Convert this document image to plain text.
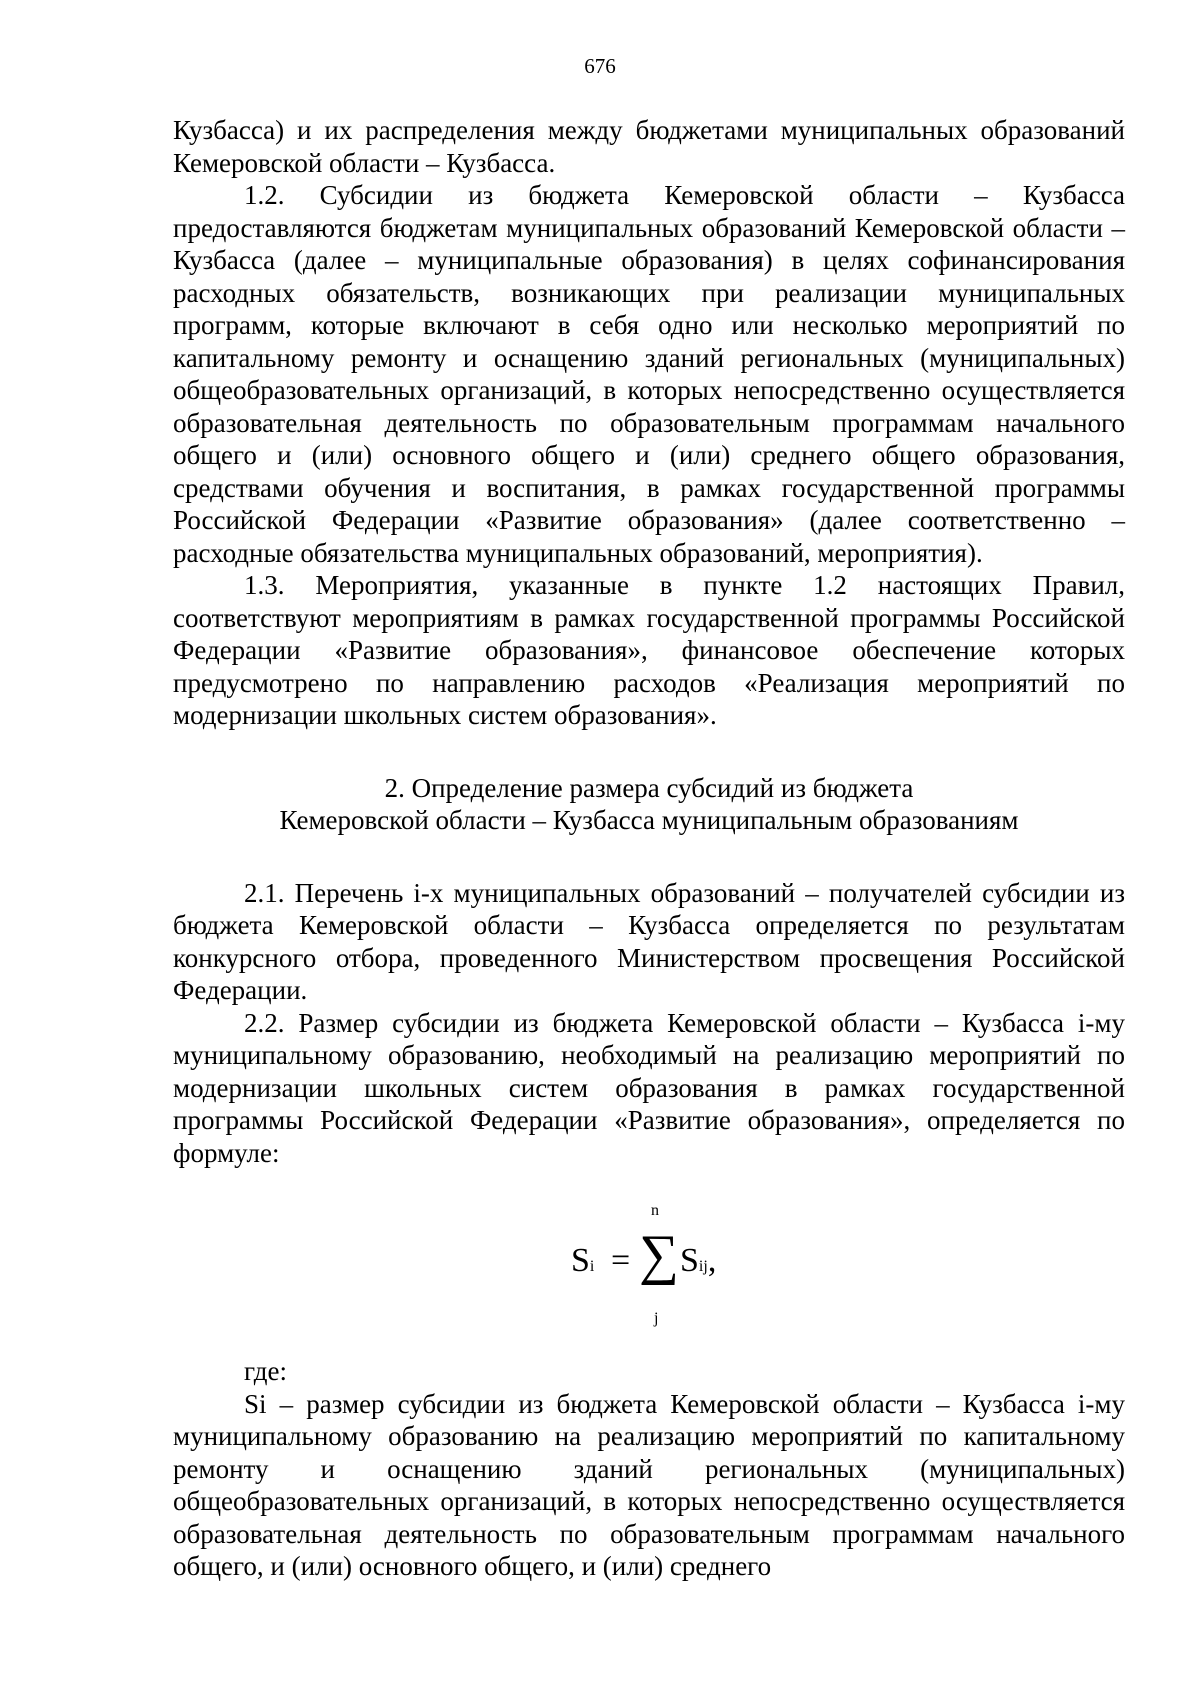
676

Кузбасса) и их распределения между бюджетами муниципальных образований Кемеровской области – Кузбасса.

1.2. Субсидии из бюджета Кемеровской области – Кузбасса предоставляются бюджетам муниципальных образований Кемеровской области – Кузбасса (далее – муниципальные образования) в целях софинансирования расходных обязательств, возникающих при реализации муниципальных программ, которые включают в себя одно или несколько мероприятий по капитальному ремонту и оснащению зданий региональных (муниципальных) общеобразовательных организаций, в которых непосредственно осуществляется образовательная деятельность по образовательным программам начального общего и (или) основного общего и (или) среднего общего образования, средствами обучения и воспитания, в рамках государственной программы Российской Федерации «Развитие образования» (далее соответственно – расходные обязательства муниципальных образований, мероприятия).

1.3. Мероприятия, указанные в пункте 1.2 настоящих Правил, соответствуют мероприятиям в рамках государственной программы Российской Федерации «Развитие образования», финансовое обеспечение которых предусмотрено по направлению расходов «Реализация мероприятий по модернизации школьных систем образования».

2. Определение размера субсидий из бюджета
Кемеровской области – Кузбасса муниципальным образованиям

2.1. Перечень i-х муниципальных образований – получателей субсидии из бюджета Кемеровской области – Кузбасса определяется по результатам конкурсного отбора, проведенного Министерством просвещения Российской Федерации.

2.2. Размер субсидии из бюджета Кемеровской области – Кузбасса i-му муниципальному образованию, необходимый на реализацию мероприятий по модернизации школьных систем образования в рамках государственной программы Российской Федерации «Развитие образования», определяется по формуле:

Si =
n
∑
j
Sij,

где:

Si – размер субсидии из бюджета Кемеровской области – Кузбасса i-му муниципальному образованию на реализацию мероприятий по капитальному ремонту и оснащению зданий региональных (муниципальных) общеобразовательных организаций, в которых непосредственно осуществляется образовательная деятельность по образовательным программам начального общего, и (или) основного общего, и (или) среднего
